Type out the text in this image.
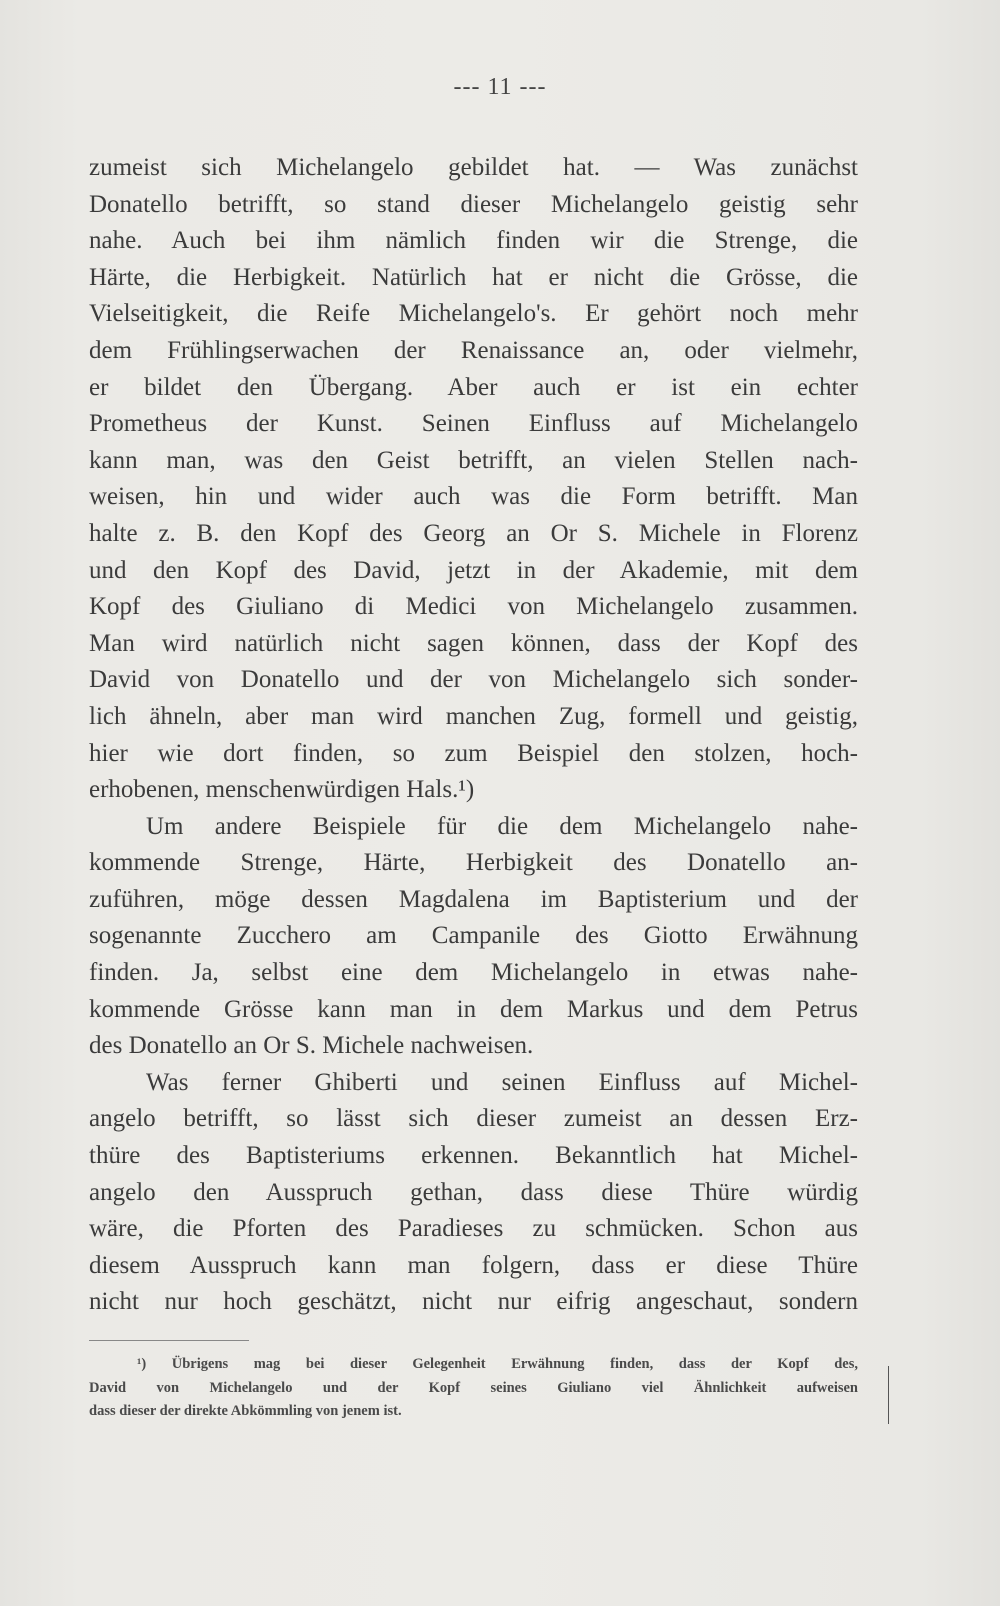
--- 11 ---
zumeist sich Michelangelo gebildet hat. — Was zunächst
Donatello betrifft, so stand dieser Michelangelo geistig sehr
nahe. Auch bei ihm nämlich finden wir die Strenge, die
Härte, die Herbigkeit. Natürlich hat er nicht die Grösse, die
Vielseitigkeit, die Reife Michelangelo's. Er gehört noch mehr
dem Frühlingserwachen der Renaissance an, oder vielmehr,
er bildet den Übergang. Aber auch er ist ein echter
Prometheus der Kunst. Seinen Einfluss auf Michelangelo
kann man, was den Geist betrifft, an vielen Stellen nach-
weisen, hin und wider auch was die Form betrifft. Man
halte z. B. den Kopf des Georg an Or S. Michele in Florenz
und den Kopf des David, jetzt in der Akademie, mit dem
Kopf des Giuliano di Medici von Michelangelo zusammen.
Man wird natürlich nicht sagen können, dass der Kopf des
David von Donatello und der von Michelangelo sich sonder-
lich ähneln, aber man wird manchen Zug, formell und geistig,
hier wie dort finden, so zum Beispiel den stolzen, hoch-
erhobenen, menschenwürdigen Hals.¹)
Um andere Beispiele für die dem Michelangelo nahe-
kommende Strenge, Härte, Herbigkeit des Donatello an-
zuführen, möge dessen Magdalena im Baptisterium und der
sogenannte Zucchero am Campanile des Giotto Erwähnung
finden. Ja, selbst eine dem Michelangelo in etwas nahe-
kommende Grösse kann man in dem Markus und dem Petrus
des Donatello an Or S. Michele nachweisen.
Was ferner Ghiberti und seinen Einfluss auf Michel-
angelo betrifft, so lässt sich dieser zumeist an dessen Erz-
thüre des Baptisteriums erkennen. Bekanntlich hat Michel-
angelo den Ausspruch gethan, dass diese Thüre würdig
wäre, die Pforten des Paradieses zu schmücken. Schon aus
diesem Ausspruch kann man folgern, dass er diese Thüre
nicht nur hoch geschätzt, nicht nur eifrig angeschaut, sondern
¹) Übrigens mag bei dieser Gelegenheit Erwähnung finden, dass der Kopf des,
David von Michelangelo und der Kopf seines Giuliano viel Ähnlichkeit aufweisen
dass dieser der direkte Abkömmling von jenem ist.
